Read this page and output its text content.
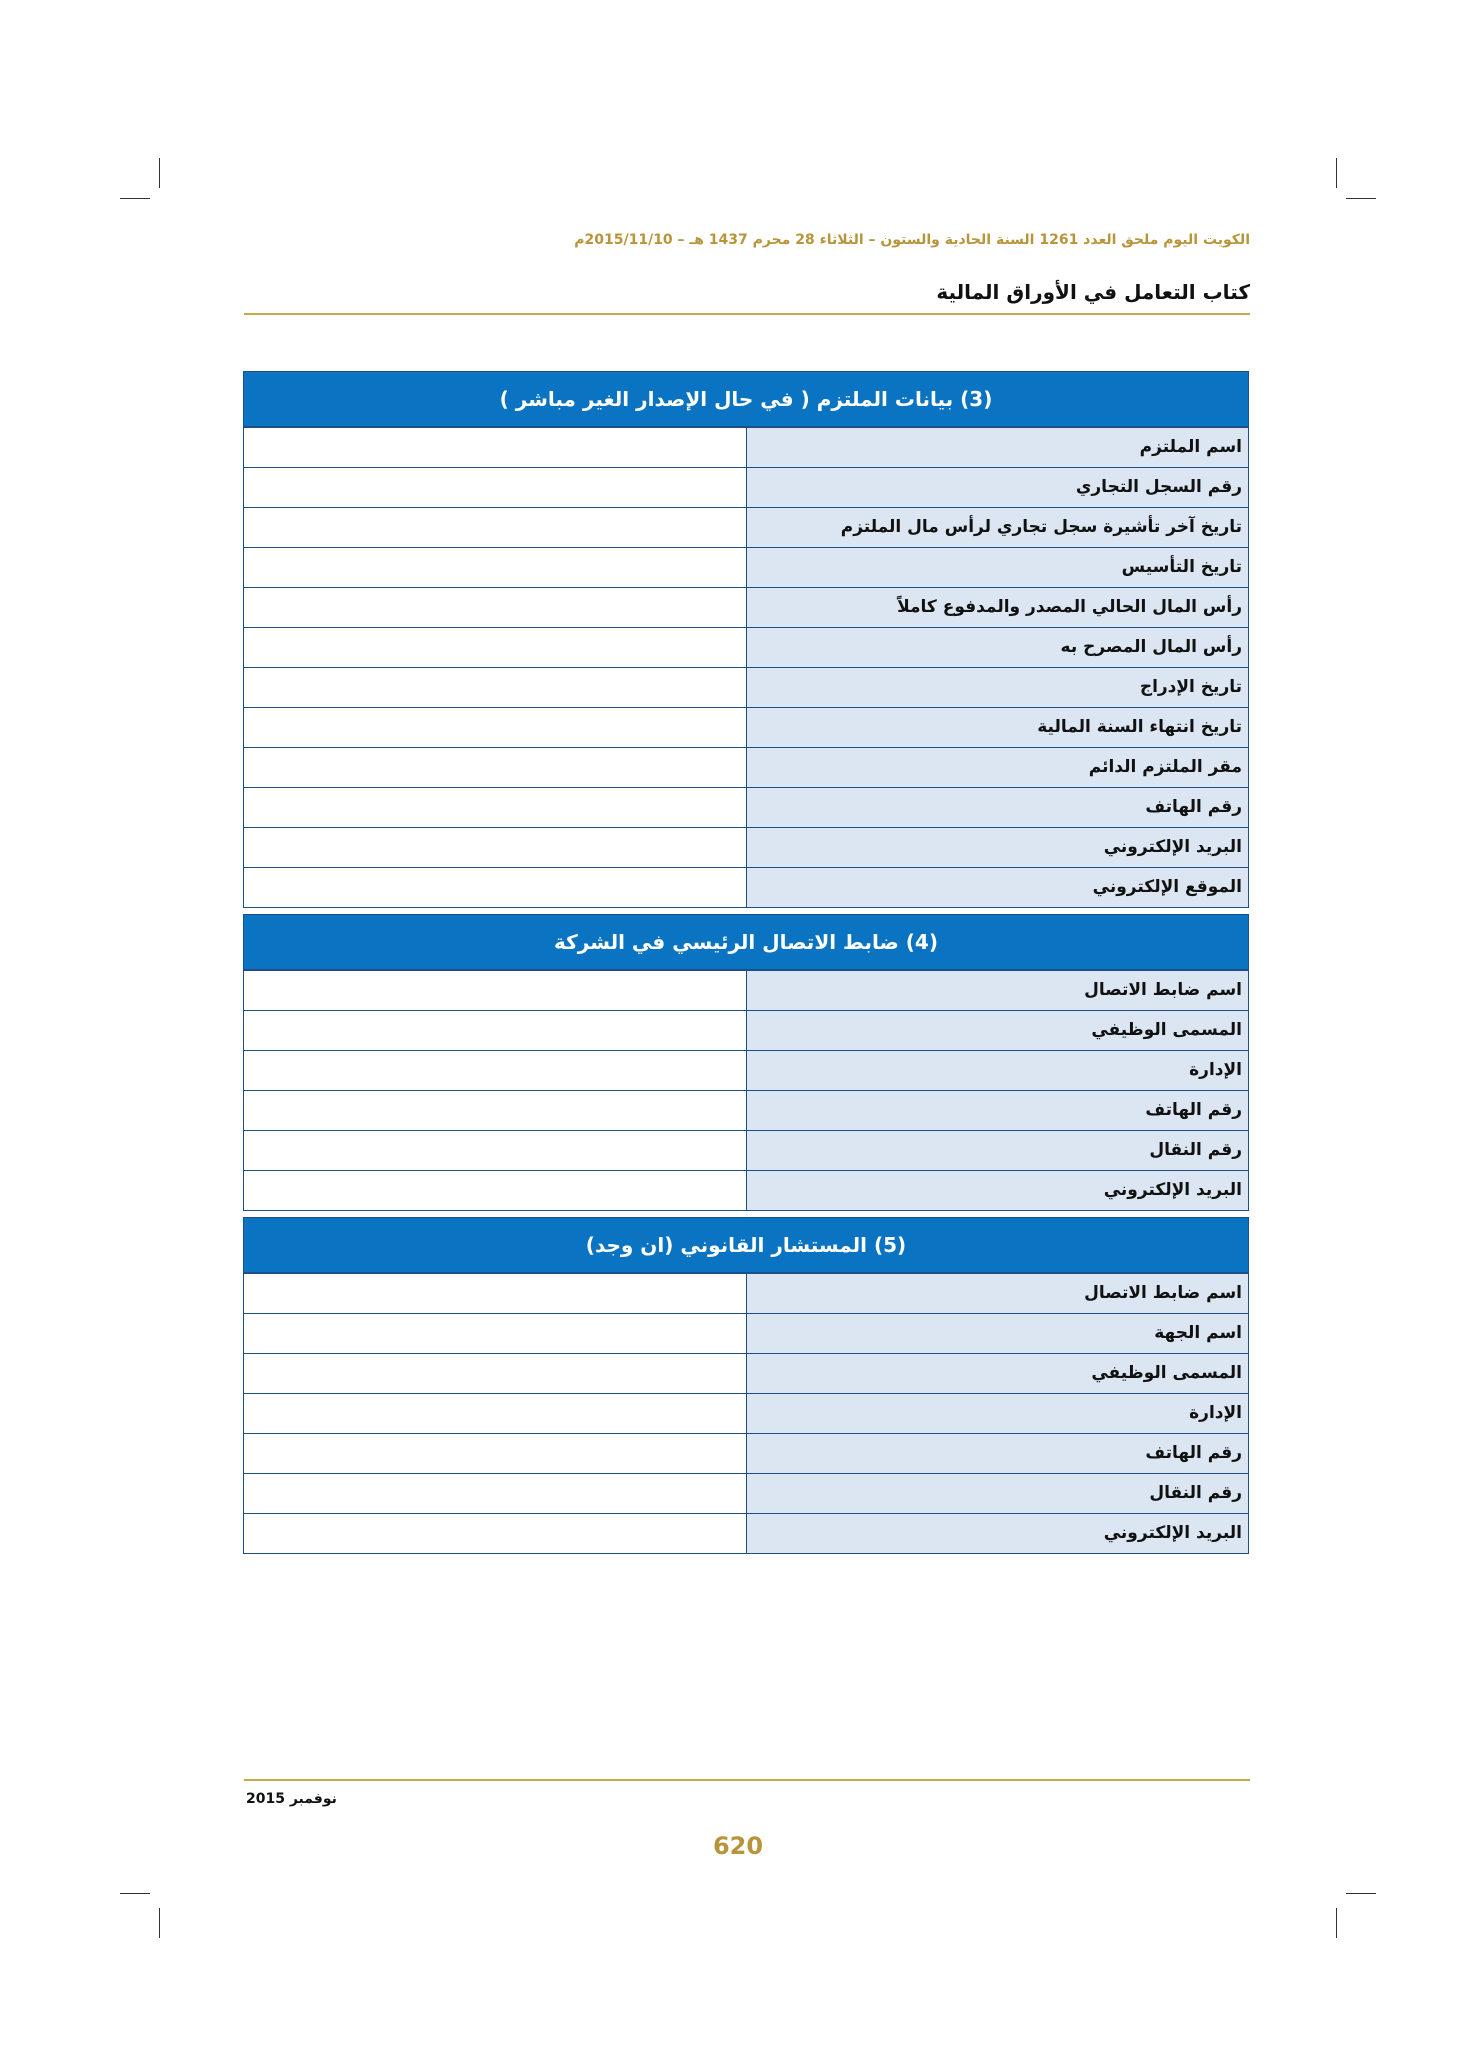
الكويت اليوم ملحق العدد 1261 السنة الحادية والستون – الثلاثاء 28 محرم 1437 هـ – 2015/11/10م
كتاب التعامل في الأوراق المالية
(3) بيانات الملتزم ( في حال الإصدار الغير مباشر )
اسم الملتزم
رقم السجل التجاري
تاريخ آخر تأشيرة سجل تجاري لرأس مال الملتزم
تاريخ التأسيس
رأس المال الحالي المصدر والمدفوع كاملاً
رأس المال المصرح به
تاريخ الإدراج
تاريخ انتهاء السنة المالية
مقر الملتزم الدائم
رقم الهاتف
البريد الإلكتروني
الموقع الإلكتروني
(4) ضابط الاتصال الرئيسي في الشركة
اسم ضابط الاتصال
المسمى الوظيفي
الإدارة
رقم الهاتف
رقم النقال
البريد الإلكتروني
(5) المستشار القانوني (ان وجد)
اسم ضابط الاتصال
اسم الجهة
المسمى الوظيفي
الإدارة
رقم الهاتف
رقم النقال
البريد الإلكتروني
نوفمبر 2015
620
